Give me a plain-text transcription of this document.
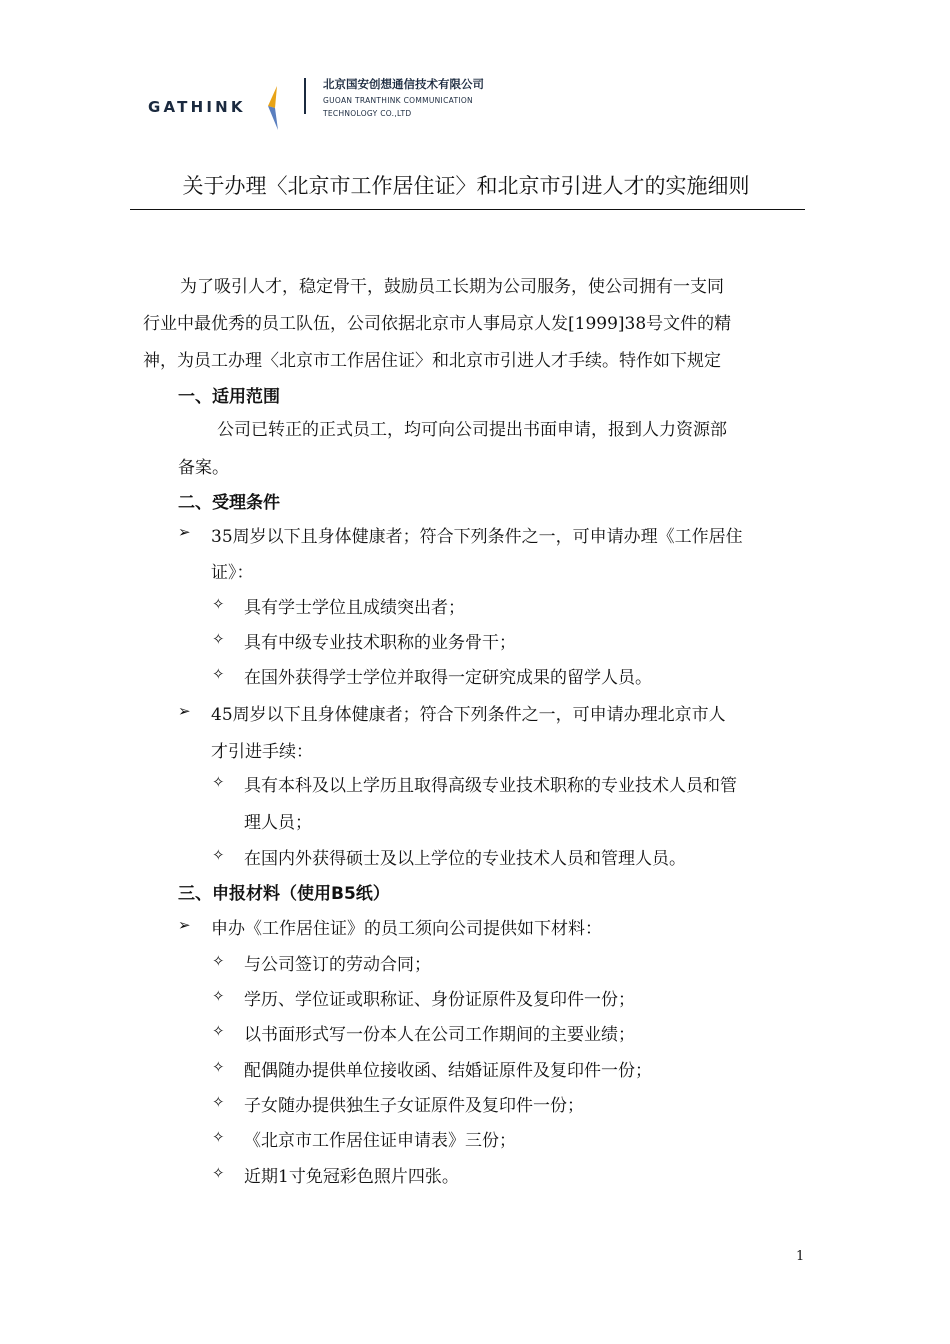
GATHINK
北京国安创想通信技术有限公司
GUOAN TRANTHINK COMMUNICATION
TECHNOLOGY CO.,LTD
关于办理〈北京市工作居住证〉和北京市引进人才的实施细则
为了吸引人才，稳定骨干，鼓励员工长期为公司服务，使公司拥有一支同
行业中最优秀的员工队伍，公司依据北京市人事局京人发[1999]38号文件的精
神，为员工办理〈北京市工作居住证〉和北京市引进人才手续。特作如下规定
一、适用范围
公司已转正的正式员工，均可向公司提出书面申请，报到人力资源部
备案。
二、受理条件
➢ 35周岁以下且身体健康者；符合下列条件之一，可申请办理《工作居住
证》：
✧ 具有学士学位且成绩突出者；
✧ 具有中级专业技术职称的业务骨干；
✧ 在国外获得学士学位并取得一定研究成果的留学人员。
➢ 45周岁以下且身体健康者；符合下列条件之一，可申请办理北京市人
才引进手续：
✧ 具有本科及以上学历且取得高级专业技术职称的专业技术人员和管
理人员；
✧ 在国内外获得硕士及以上学位的专业技术人员和管理人员。
三、申报材料（使用B5纸）
➢ 申办《工作居住证》的员工须向公司提供如下材料：
✧ 与公司签订的劳动合同；
✧ 学历、学位证或职称证、身份证原件及复印件一份；
✧ 以书面形式写一份本人在公司工作期间的主要业绩；
✧ 配偶随办提供单位接收函、结婚证原件及复印件一份；
✧ 子女随办提供独生子女证原件及复印件一份；
✧ 《北京市工作居住证申请表》三份；
✧ 近期1寸免冠彩色照片四张。
1
